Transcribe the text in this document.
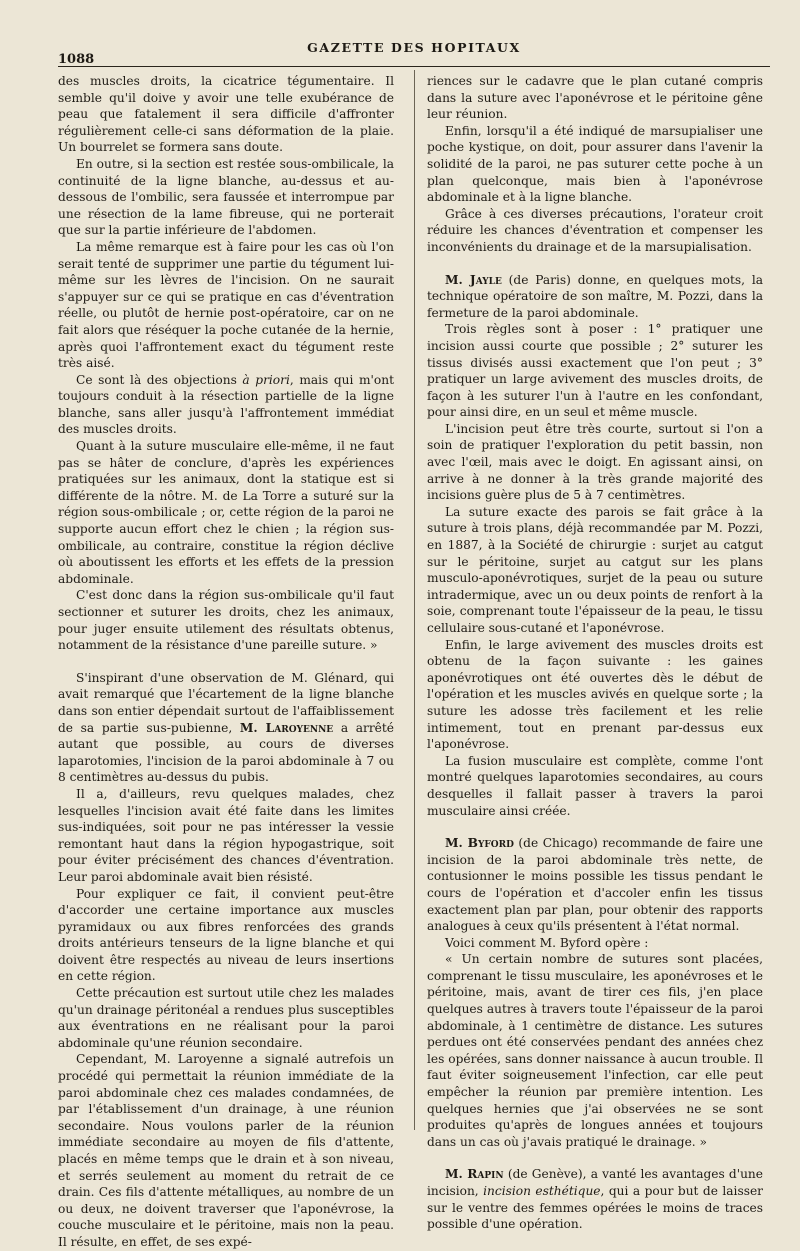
1088
GAZETTE DES HOPITAUX

des muscles droits, la cicatrice tégumentaire. Il semble qu'il doive y avoir une telle exubérance de peau que fatalement il sera difficile d'affronter régulièrement celle-ci sans déformation de la plaie. Un bourrelet se formera sans doute.

En outre, si la section est restée sous-ombilicale, la continuité de la ligne blanche, au-dessus et au-dessous de l'ombilic, sera faussée et interrompue par une résection de la lame fibreuse, qui ne porterait que sur la partie inférieure de l'abdomen.

La même remarque est à faire pour les cas où l'on serait tenté de supprimer une partie du tégument lui-même sur les lèvres de l'incision. On ne saurait s'appuyer sur ce qui se pratique en cas d'éventration réelle, ou plutôt de hernie post-opératoire, car on ne fait alors que réséquer la poche cutanée de la hernie, après quoi l'affrontement exact du tégument reste très aisé.

Ce sont là des objections à priori, mais qui m'ont toujours conduit à la résection partielle de la ligne blanche, sans aller jusqu'à l'affrontement immédiat des muscles droits.

Quant à la suture musculaire elle-même, il ne faut pas se hâter de conclure, d'après les expériences pratiquées sur les animaux, dont la statique est si différente de la nôtre. M. de La Torre a suturé sur la région sous-ombilicale ; or, cette région de la paroi ne supporte aucun effort chez le chien ; la région sus-ombilicale, au contraire, constitue la région déclive où aboutissent les efforts et les effets de la pression abdominale.

C'est donc dans la région sus-ombilicale qu'il faut sectionner et suturer les droits, chez les animaux, pour juger ensuite utilement des résultats obtenus, notamment de la résistance d'une pareille suture. »

S'inspirant d'une observation de M. Glénard, qui avait remarqué que l'écartement de la ligne blanche dans son entier dépendait surtout de l'affaiblissement de sa partie sus-pubienne, M. Laroyenne a arrêté autant que possible, au cours de diverses laparotomies, l'incision de la paroi abdominale à 7 ou 8 centimètres au-dessus du pubis.

Il a, d'ailleurs, revu quelques malades, chez lesquelles l'incision avait été faite dans les limites sus-indiquées, soit pour ne pas intéresser la vessie remontant haut dans la région hypogastrique, soit pour éviter précisément des chances d'éventration. Leur paroi abdominale avait bien résisté.

Pour expliquer ce fait, il convient peut-être d'accorder une certaine importance aux muscles pyramidaux ou aux fibres renforcées des grands droits antérieurs tenseurs de la ligne blanche et qui doivent être respectés au niveau de leurs insertions en cette région.

Cette précaution est surtout utile chez les malades qu'un drainage péritonéal a rendues plus susceptibles aux éventrations en ne réalisant pour la paroi abdominale qu'une réunion secondaire.

Cependant, M. Laroyenne a signalé autrefois un procédé qui permettait la réunion immédiate de la paroi abdominale chez ces malades condamnées, de par l'établissement d'un drainage, à une réunion secondaire. Nous voulons parler de la réunion immédiate secondaire au moyen de fils d'attente, placés en même temps que le drain et à son niveau, et serrés seulement au moment du retrait de ce drain. Ces fils d'attente métalliques, au nombre de un ou deux, ne doivent traverser que l'aponévrose, la couche musculaire et le péritoine, mais non la peau. Il résulte, en effet, de ses expé-

riences sur le cadavre que le plan cutané compris dans la suture avec l'aponévrose et le péritoine gêne leur réunion.

Enfin, lorsqu'il a été indiqué de marsupialiser une poche kystique, on doit, pour assurer dans l'avenir la solidité de la paroi, ne pas suturer cette poche à un plan quelconque, mais bien à l'aponévrose abdominale et à la ligne blanche.

Grâce à ces diverses précautions, l'orateur croit réduire les chances d'éventration et compenser les inconvénients du drainage et de la marsupialisation.

M. Jayle (de Paris) donne, en quelques mots, la technique opératoire de son maître, M. Pozzi, dans la fermeture de la paroi abdominale.

Trois règles sont à poser : 1° pratiquer une incision aussi courte que possible ; 2° suturer les tissus divisés aussi exactement que l'on peut ; 3° pratiquer un large avivement des muscles droits, de façon à les suturer l'un à l'autre en les confondant, pour ainsi dire, en un seul et même muscle.

L'incision peut être très courte, surtout si l'on a soin de pratiquer l'exploration du petit bassin, non avec l'œil, mais avec le doigt. En agissant ainsi, on arrive à ne donner à la très grande majorité des incisions guère plus de 5 à 7 centimètres.

La suture exacte des parois se fait grâce à la suture à trois plans, déjà recommandée par M. Pozzi, en 1887, à la Société de chirurgie : surjet au catgut sur le péritoine, surjet au catgut sur les plans musculo-aponévrotiques, surjet de la peau ou suture intradermique, avec un ou deux points de renfort à la soie, comprenant toute l'épaisseur de la peau, le tissu cellulaire sous-cutané et l'aponévrose.

Enfin, le large avivement des muscles droits est obtenu de la façon suivante : les gaines aponévrotiques ont été ouvertes dès le début de l'opération et les muscles avivés en quelque sorte ; la suture les adosse très facilement et les relie intimement, tout en prenant par-dessus eux l'aponévrose.

La fusion musculaire est complète, comme l'ont montré quelques laparotomies secondaires, au cours desquelles il fallait passer à travers la paroi musculaire ainsi créée.

M. Byford (de Chicago) recommande de faire une incision de la paroi abdominale très nette, de contusionner le moins possible les tissus pendant le cours de l'opération et d'accoler enfin les tissus exactement plan par plan, pour obtenir des rapports analogues à ceux qu'ils présentent à l'état normal.

Voici comment M. Byford opère :

« Un certain nombre de sutures sont placées, comprenant le tissu musculaire, les aponévroses et le péritoine, mais, avant de tirer ces fils, j'en place quelques autres à travers toute l'épaisseur de la paroi abdominale, à 1 centimètre de distance. Les sutures perdues ont été conservées pendant des années chez les opérées, sans donner naissance à aucun trouble. Il faut éviter soigneusement l'infection, car elle peut empêcher la réunion par première intention. Les quelques hernies que j'ai observées ne se sont produites qu'après de longues années et toujours dans un cas où j'avais pratiqué le drainage. »

M. Rapin (de Genève), a vanté les avantages d'une incision, incision esthétique, qui a pour but de laisser sur le ventre des femmes opérées le moins de traces possible d'une opération.
